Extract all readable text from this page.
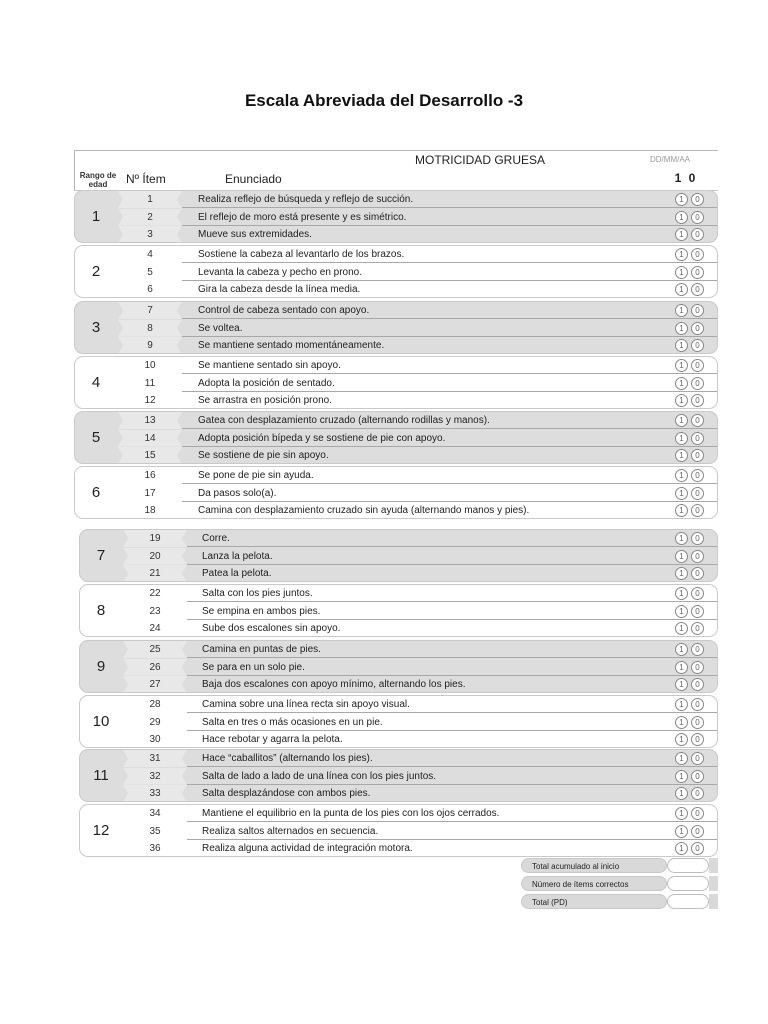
Escala Abreviada del Desarrollo -3
MOTRICIDAD GRUESA	DD/MM/AA
Rango de edad	Nº Ítem	Enunciado	1 0
1
1	Realiza reflejo de búsqueda y reflejo de succión.	1	0
2	El reflejo de moro está presente y es simétrico.	1	0
3	Mueve sus extremidades.	1	0
2
4	Sostiene la cabeza al levantarlo de los brazos.	1	0
5	Levanta la cabeza y pecho en prono.	1	0
6	Gira la cabeza desde la línea media.	1	0
3
7	Control de cabeza sentado con apoyo.	1	0
8	Se voltea.	1	0
9	Se mantiene sentado momentáneamente.	1	0
4
10	Se mantiene sentado sin apoyo.	1	0
11	Adopta la posición de sentado.	1	0
12	Se arrastra en posición prono.	1	0
5
13	Gatea con desplazamiento cruzado (alternando rodillas y manos).	1	0
14	Adopta posición bípeda y se sostiene de pie con apoyo.	1	0
15	Se sostiene de pie sin apoyo.	1	0
6
16	Se pone de pie sin ayuda.	1	0
17	Da pasos solo(a).	1	0
18	Camina con desplazamiento cruzado sin ayuda (alternando manos y pies).	1	0
7
19	Corre.	1	0
20	Lanza la pelota.	1	0
21	Patea la pelota.	1	0
8
22	Salta con los pies juntos.	1	0
23	Se empina en ambos pies.	1	0
24	Sube dos escalones sin apoyo.	1	0
9
25	Camina en puntas de pies.	1	0
26	Se para en un solo pie.	1	0
27	Baja dos escalones con apoyo mínimo, alternando los pies.	1	0
10
28	Camina sobre una línea recta sin apoyo visual.	1	0
29	Salta en tres o más ocasiones en un pie.	1	0
30	Hace rebotar y agarra la pelota.	1	0
11
31	Hace “caballitos” (alternando los pies).	1	0
32	Salta de lado a lado de una línea con los pies juntos.	1	0
33	Salta desplazándose con ambos pies.	1	0
12
34	Mantiene el equilibrio en la punta de los pies con los ojos cerrados.	1	0
35	Realiza saltos alternados en secuencia.	1	0
36	Realiza alguna actividad de integración motora.	1	0
Total acumulado al inicio
Número de ítems correctos
Total (PD)
